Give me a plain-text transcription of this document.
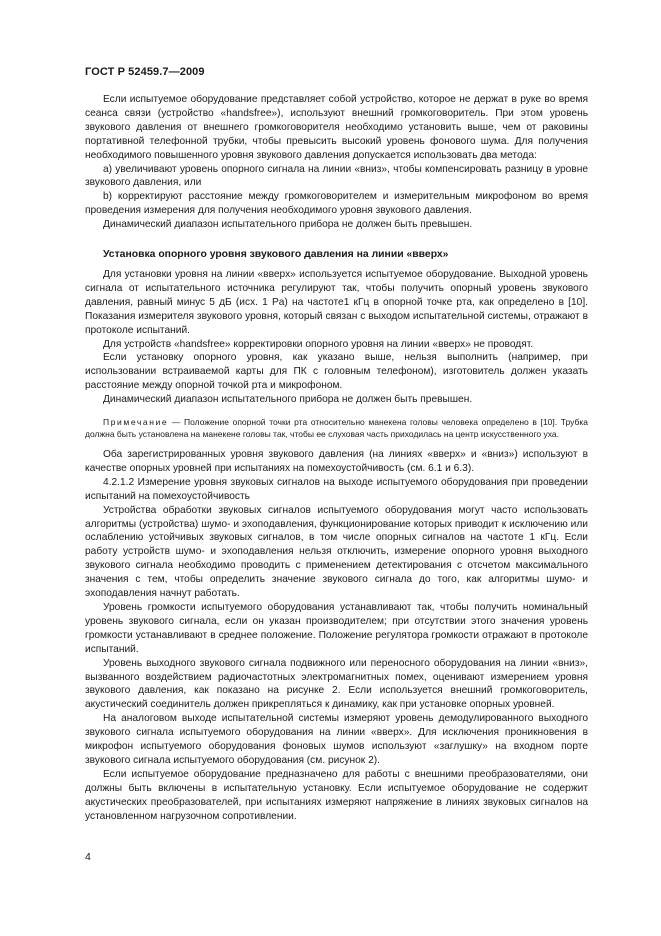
ГОСТ Р 52459.7—2009

Если испытуемое оборудование представляет собой устройство, которое не держат в руке во время сеанса связи (устройство «handsfree»), используют внешний громкоговоритель. При этом уровень звукового давления от внешнего громкоговорителя необходимо установить выше, чем от раковины портативной телефонной трубки, чтобы превысить высокий уровень фонового шума. Для получения необходимого повышенного уровня звукового давления допускается использовать два метода:

a) увеличивают уровень опорного сигнала на линии «вниз», чтобы компенсировать разницу в уровне звукового давления, или

b) корректируют расстояние между громкоговорителем и измерительным микрофоном во время проведения измерения для получения необходимого уровня звукового давления.

Динамический диапазон испытательного прибора не должен быть превышен.

Установка опорного уровня звукового давления на линии «вверх»

Для установки уровня на линии «вверх» используется испытуемое оборудование. Выходной уровень сигнала от испытательного источника регулируют так, чтобы получить опорный уровень звукового давления, равный минус 5 дБ (исх. 1 Pa) на частоте1 кГц в опорной точке рта, как определено в [10]. Показания измерителя звукового уровня, который связан с выходом испытательной системы, отражают в протоколе испытаний.

Для устройств «handsfree» корректировки опорного уровня на линии «вверх» не проводят.

Если установку опорного уровня, как указано выше, нельзя выполнить (например, при использовании встраиваемой карты для ПК с головным телефоном), изготовитель должен указать расстояние между опорной точкой рта и микрофоном.

Динамический диапазон испытательного прибора не должен быть превышен.

Примечание — Положение опорной точки рта относительно манекена головы человека определено в [10]. Трубка должна быть установлена на манекене головы так, чтобы ее слуховая часть приходилась на центр искусственного уха.

Оба зарегистрированных уровня звукового давления (на линиях «вверх» и «вниз») используют в качестве опорных уровней при испытаниях на помехоустойчивость (см. 6.1 и 6.3).

4.2.1.2 Измерение уровня звуковых сигналов на выходе испытуемого оборудования при проведении испытаний на помехоустойчивость

Устройства обработки звуковых сигналов испытуемого оборудования могут часто использовать алгоритмы (устройства) шумо- и эхоподавления, функционирование которых приводит к исключению или ослаблению устойчивых звуковых сигналов, в том числе опорных сигналов на частоте 1 кГц. Если работу устройств шумо- и эхоподавления нельзя отключить, измерение опорного уровня выходного звукового сигнала необходимо проводить с применением детектирования с отсчетом максимального значения с тем, чтобы определить значение звукового сигнала до того, как алгоритмы шумо- и эхоподавления начнут работать.

Уровень громкости испытуемого оборудования устанавливают так, чтобы получить номинальный уровень звукового сигнала, если он указан производителем; при отсутствии этого значения уровень громкости устанавливают в среднее положение. Положение регулятора громкости отражают в протоколе испытаний.

Уровень выходного звукового сигнала подвижного или переносного оборудования на линии «вниз», вызванного воздействием радиочастотных электромагнитных помех, оценивают измерением уровня звукового давления, как показано на рисунке 2. Если используется внешний громкоговоритель, акустический соединитель должен прикрепляться к динамику, как при установке опорных уровней.

На аналоговом выходе испытательной системы измеряют уровень демодулированного выходного звукового сигнала испытуемого оборудования на линии «вверх». Для исключения проникновения в микрофон испытуемого оборудования фоновых шумов используют «заглушку» на входном порте звукового сигнала испытуемого оборудования (см. рисунок 2).

Если испытуемое оборудование предназначено для работы с внешними преобразователями, они должны быть включены в испытательную установку. Если испытуемое оборудование не содержит акустических преобразователей, при испытаниях измеряют напряжение в линиях звуковых сигналов на установленном нагрузочном сопротивлении.

4
